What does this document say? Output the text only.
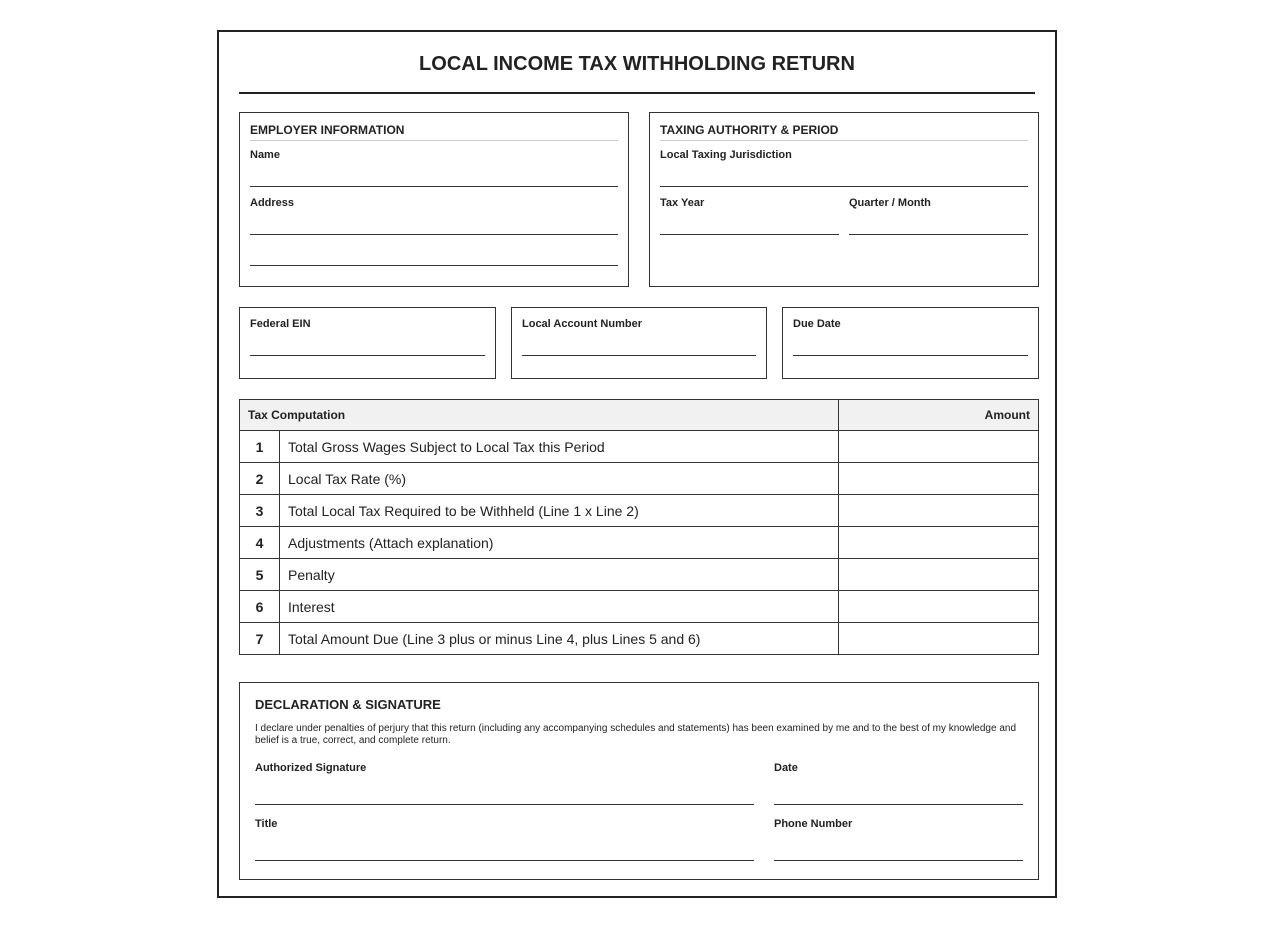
LOCAL INCOME TAX WITHHOLDING RETURN
EMPLOYER INFORMATION
Name
Address
TAXING AUTHORITY & PERIOD
Local Taxing Jurisdiction
Tax Year	Quarter / Month
Federal EIN	Local Account Number	Due Date
Tax Computation		Amount
1	Total Gross Wages Subject to Local Tax this Period	
2	Local Tax Rate (%)	
3	Total Local Tax Required to be Withheld (Line 1 x Line 2)	
4	Adjustments (Attach explanation)	
5	Penalty	
6	Interest	
7	Total Amount Due (Line 3 plus or minus Line 4, plus Lines 5 and 6)	
DECLARATION & SIGNATURE
I declare under penalties of perjury that this return (including any accompanying schedules and statements) has been examined by me and to the best of my knowledge and belief is a true, correct, and complete return.
Authorized Signature	Date
Title	Phone Number
